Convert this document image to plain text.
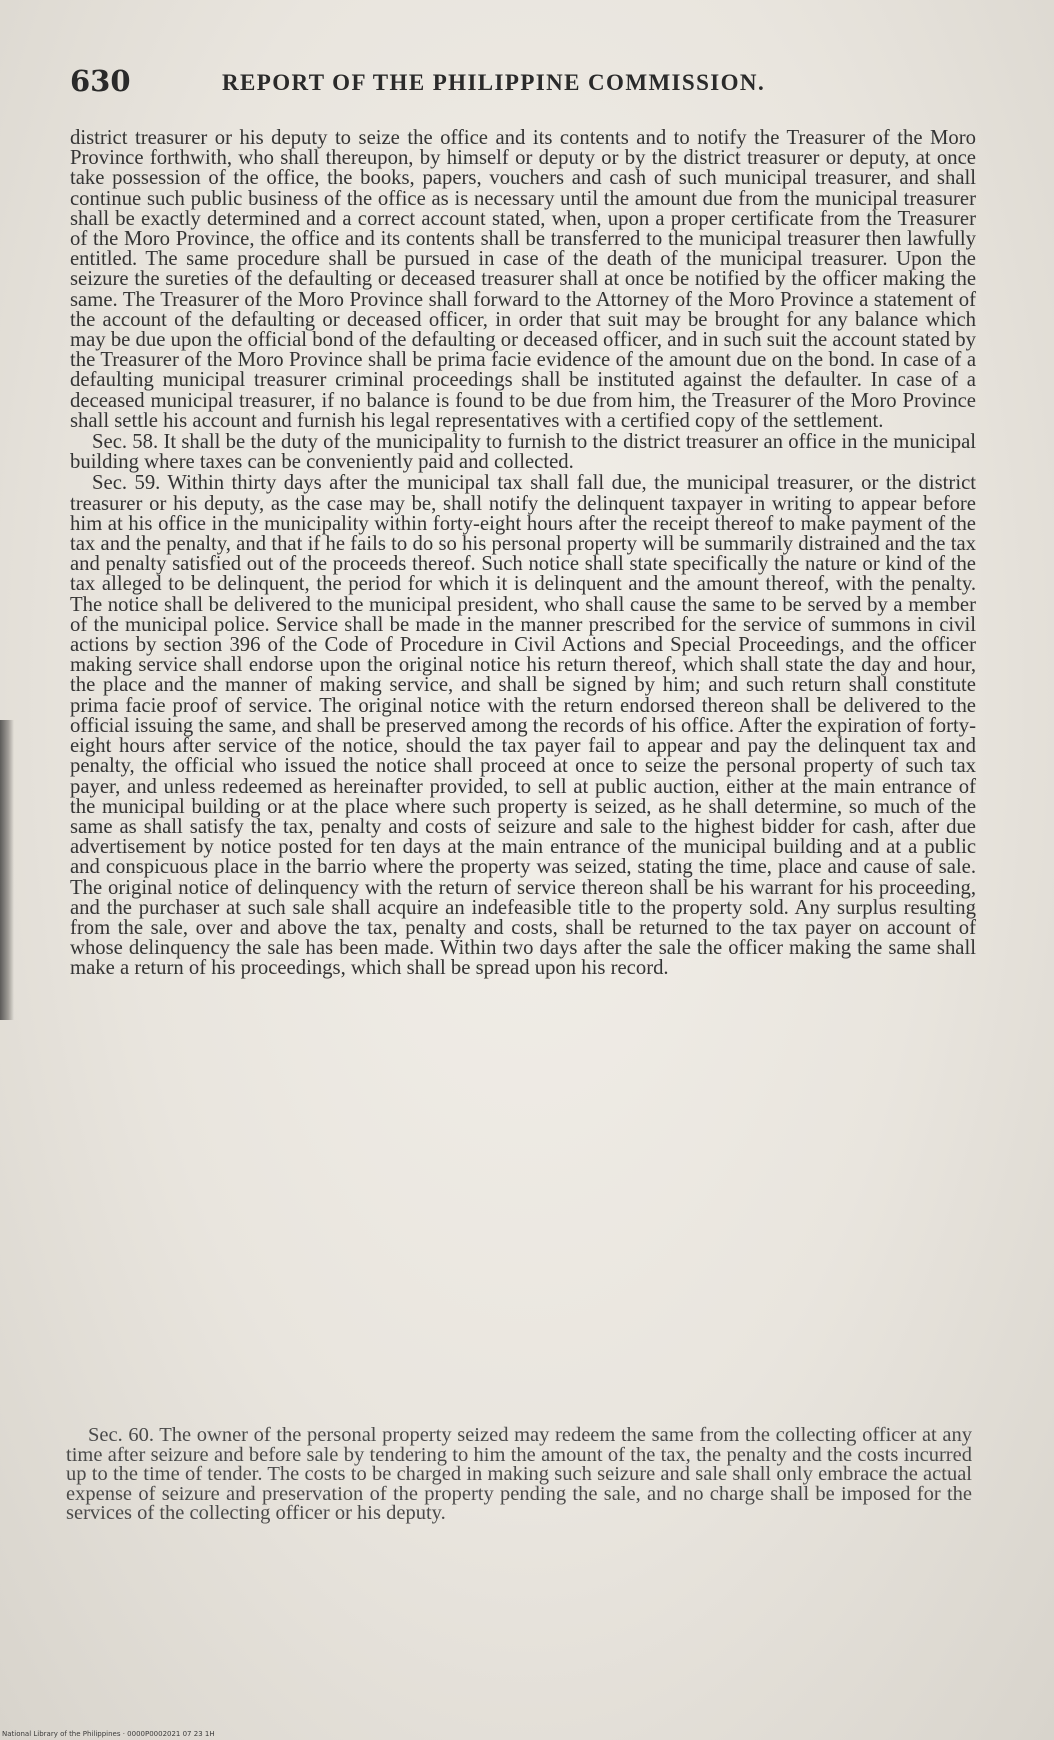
630	REPORT OF THE PHILIPPINE COMMISSION.

district treasurer or his deputy to seize the office and its contents and to notify the Treasurer of the Moro Province forthwith, who shall thereupon, by himself or deputy or by the district treasurer or deputy, at once take possession of the office, the books, papers, vouchers and cash of such municipal treasurer, and shall continue such public business of the office as is necessary until the amount due from the municipal treasurer shall be exactly determined and a correct account stated, when, upon a proper certificate from the Treasurer of the Moro Province, the office and its contents shall be transferred to the municipal treasurer then lawfully entitled. The same procedure shall be pursued in case of the death of the municipal treasurer. Upon the seizure the sureties of the defaulting or deceased treasurer shall at once be notified by the officer making the same. The Treasurer of the Moro Province shall forward to the Attorney of the Moro Province a statement of the account of the defaulting or deceased officer, in order that suit may be brought for any balance which may be due upon the official bond of the defaulting or deceased officer, and in such suit the account stated by the Treasurer of the Moro Province shall be prima facie evidence of the amount due on the bond. In case of a defaulting municipal treasurer criminal proceedings shall be instituted against the defaulter. In case of a deceased municipal treasurer, if no balance is found to be due from him, the Treasurer of the Moro Province shall settle his account and furnish his legal representatives with a certified copy of the settlement.

Sec. 58. It shall be the duty of the municipality to furnish to the district treasurer an office in the municipal building where taxes can be conveniently paid and collected.

Sec. 59. Within thirty days after the municipal tax shall fall due, the municipal treasurer, or the district treasurer or his deputy, as the case may be, shall notify the delinquent taxpayer in writing to appear before him at his office in the municipality within forty-eight hours after the receipt thereof to make payment of the tax and the penalty, and that if he fails to do so his personal property will be summarily distrained and the tax and penalty satisfied out of the proceeds thereof. Such notice shall state specifically the nature or kind of the tax alleged to be delinquent, the period for which it is delinquent and the amount thereof, with the penalty. The notice shall be delivered to the municipal president, who shall cause the same to be served by a member of the municipal police. Service shall be made in the manner prescribed for the service of summons in civil actions by section 396 of the Code of Procedure in Civil Actions and Special Proceedings, and the officer making service shall endorse upon the original notice his return thereof, which shall state the day and hour, the place and the manner of making service, and shall be signed by him; and such return shall constitute prima facie proof of service. The original notice with the return endorsed thereon shall be delivered to the official issuing the same, and shall be preserved among the records of his office. After the expiration of forty-eight hours after service of the notice, should the tax payer fail to appear and pay the delinquent tax and penalty, the official who issued the notice shall proceed at once to seize the personal property of such tax payer, and unless redeemed as hereinafter provided, to sell at public auction, either at the main entrance of the municipal building or at the place where such property is seized, as he shall determine, so much of the same as shall satisfy the tax, penalty and costs of seizure and sale to the highest bidder for cash, after due advertisement by notice posted for ten days at the main entrance of the municipal building and at a public and conspicuous place in the barrio where the property was seized, stating the time, place and cause of sale. The original notice of delinquency with the return of service thereon shall be his warrant for his proceeding, and the purchaser at such sale shall acquire an indefeasible title to the property sold. Any surplus resulting from the sale, over and above the tax, penalty and costs, shall be returned to the tax payer on account of whose delinquency the sale has been made. Within two days after the sale the officer making the same shall make a return of his proceedings, which shall be spread upon his record.

Sec. 60. The owner of the personal property seized may redeem the same from the collecting officer at any time after seizure and before sale by tendering to him the amount of the tax, the penalty and the costs incurred up to the time of tender. The costs to be charged in making such seizure and sale shall only embrace the actual expense of seizure and preservation of the property pending the sale, and no charge shall be imposed for the services of the collecting officer or his deputy.

National Library of the Philippines · 0000P0002021 07 23 1H
